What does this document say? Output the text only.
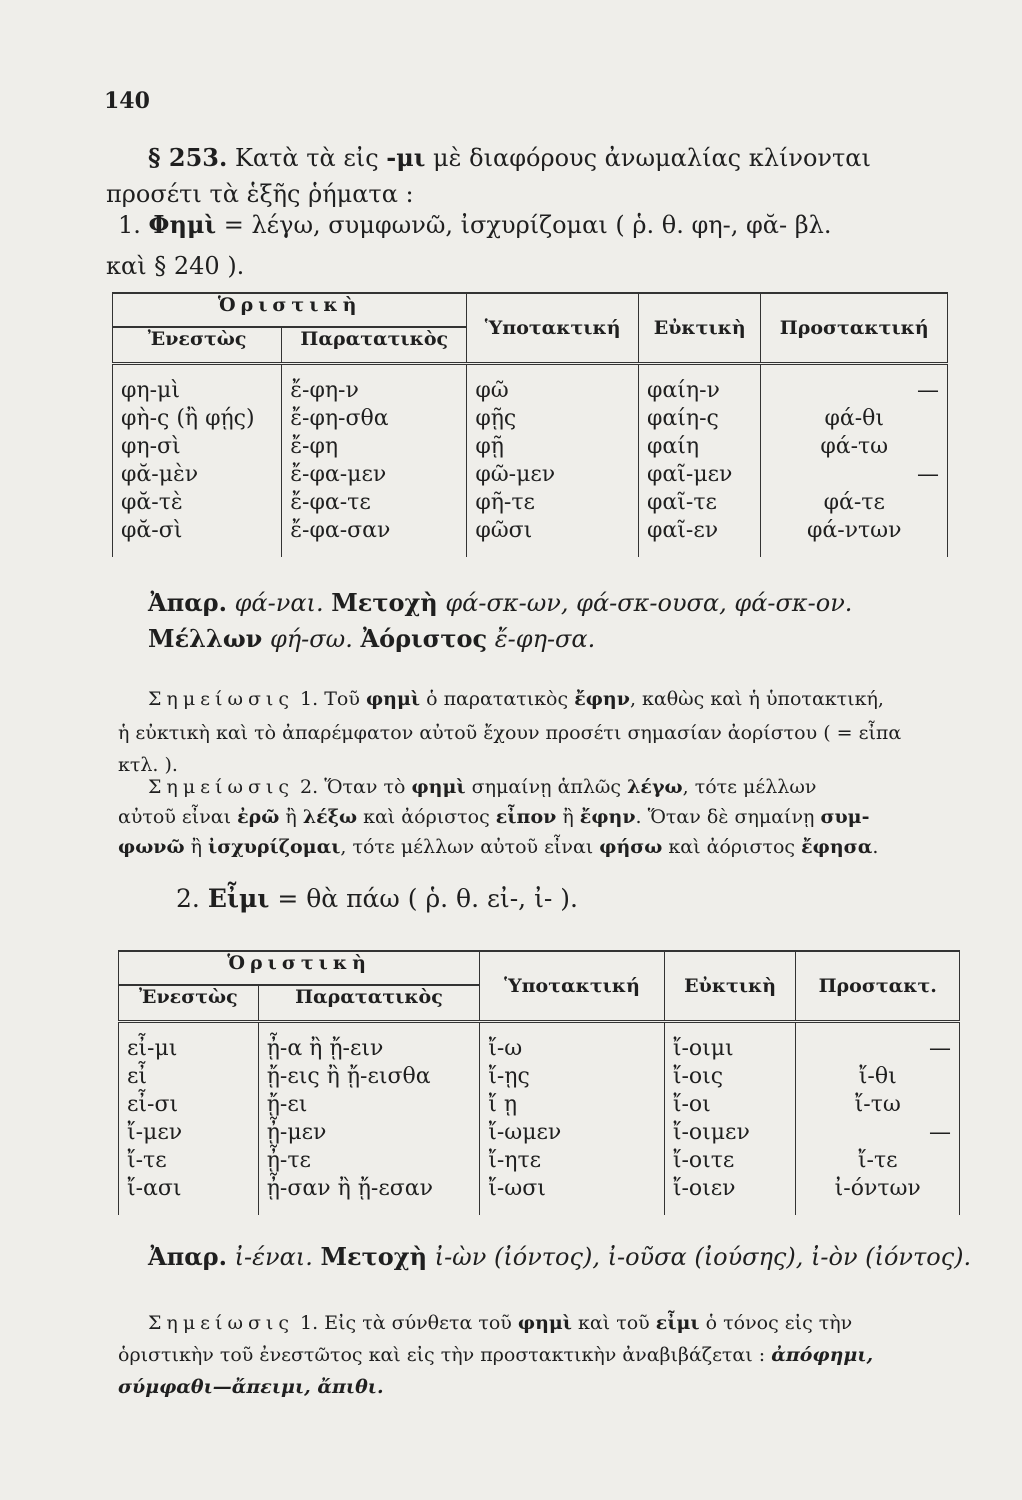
140
§ 253. Κατὰ τὰ εἰς -μι μὲ διαφόρους ἀνωμαλίας κλίνονται
προσέτι τὰ ἑξῆς ῥήματα :
1. Φημὶ = λέγω, συμφωνῶ, ἰσχυρίζομαι ( ῥ. θ. φη-, φᾰ- βλ.
καὶ § 240 ).
Ὁριστικὴ		Ὑποτακτική	Εὐκτικὴ	Προστακτική
Ἐνεστὼς	Παρατατικὸς			
φη-μὶ	ἔ-φη-ν	φῶ	φαίη-ν	—
φὴ-ς (ἢ φῄς)	ἔ-φη-σθα	φῇς	φαίη-ς	φά-θι
φη-σὶ	ἔ-φη	φῇ	φαίη	φά-τω
φᾰ-μὲν	ἔ-φα-μεν	φῶ-μεν	φαῖ-μεν	—
φᾰ-τὲ	ἔ-φα-τε	φῆ-τε	φαῖ-τε	φά-τε
φᾰ-σὶ	ἔ-φα-σαν	φῶσι	φαῖ-εν	φά-ντων
Ἀπαρ. φά-ναι. Μετοχὴ φά-σκ-ων, φά-σκ-ουσα, φά-σκ-ον.
Μέλλων φή-σω. Ἀόριστος ἔ-φη-σα.
Σημείωσις 1. Τοῦ φημὶ ὁ παρατατικὸς ἔφην, καθὼς καὶ ἡ ὑποτακτική,
ἡ εὐκτικὴ καὶ τὸ ἀπαρέμφατον αὐτοῦ ἔχουν προσέτι σημασίαν ἀορίστου ( = εἶπα
κτλ. ).
Σημείωσις 2. Ὅταν τὸ φημὶ σημαίνῃ ἁπλῶς λέγω, τότε μέλλων
αὐτοῦ εἶναι ἐρῶ ἢ λέξω καὶ ἀόριστος εἶπον ἢ ἔφην. Ὅταν δὲ σημαίνῃ συμ-
φωνῶ ἢ ἰσχυρίζομαι, τότε μέλλων αὐτοῦ εἶναι φήσω καὶ ἀόριστος ἔφησα.
2. Εἶμι = θὰ πάω ( ῥ. θ. εἰ-, ἰ- ).
Ὁριστικὴ		Ὑποτακτική	Εὐκτικὴ	Προστακτ.
Ἐνεστὼς	Παρατατικὸς			
εἶ-μι	ᾖ-α ἢ ᾔ-ειν	ἴ-ω	ἴ-οιμι	—
εἶ	ᾔ-εις ἢ ᾔ-εισθα	ἴ-ῃς	ἴ-οις	ἴ-θι
εἶ-σι	ᾔ-ει	ἴ ῃ	ἴ-οι	ἴ-τω
ἴ-μεν	ᾖ-μεν	ἴ-ωμεν	ἴ-οιμεν	—
ἴ-τε	ᾖ-τε	ἴ-ητε	ἴ-οιτε	ἴ-τε
ἴ-ασι	ᾖ-σαν ἢ ᾔ-εσαν	ἴ-ωσι	ἴ-οιεν	ἰ-όντων
Ἀπαρ. ἰ-έναι. Μετοχὴ ἰ-ὼν (ἰόντος), ἰ-οῦσα (ἰούσης), ἰ-ὸν (ἰόντος).
Σημείωσις 1. Εἰς τὰ σύνθετα τοῦ φημὶ καὶ τοῦ εἶμι ὁ τόνος εἰς τὴν
ὁριστικὴν τοῦ ἐνεστῶτος καὶ εἰς τὴν προστακτικὴν ἀναβιβάζεται : ἀπόφημι,
σύμφαθι—ἄπειμι, ἄπιθι.
